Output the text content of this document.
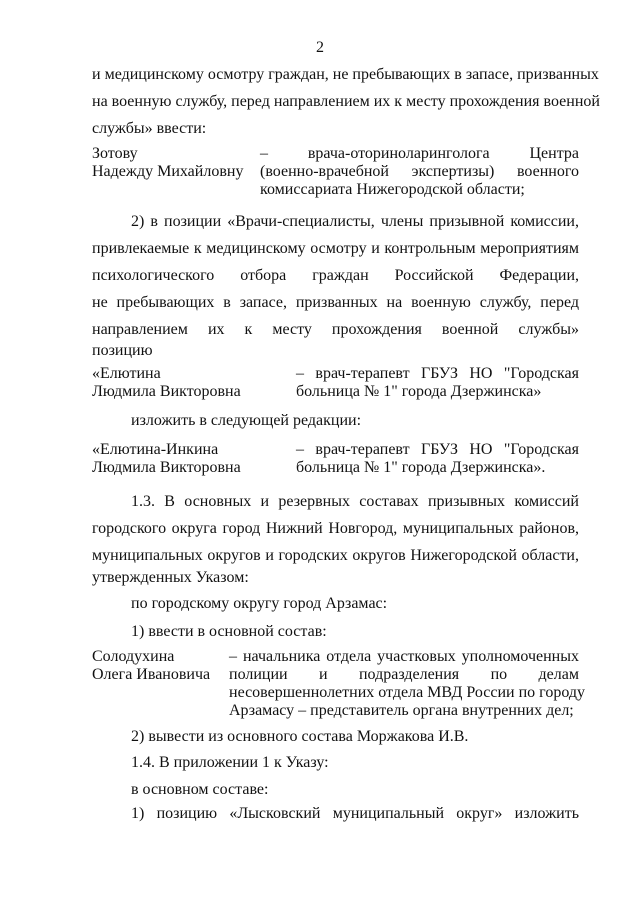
2
и медицинскому осмотру граждан, не пребывающих в запасе, призванных
на военную службу, перед направлением их к месту прохождения военной
службы» ввести:
Зотову
Надежду Михайловну
– врача-оториноларинголога Центра
(военно-врачебной экспертизы) военного
комиссариата Нижегородской области;
2) в позиции «Врачи-специалисты, члены призывной комиссии,
привлекаемые к медицинскому осмотру и контрольным мероприятиям
психологического отбора граждан Российской Федерации,
не пребывающих в запасе, призванных на военную службу, перед
направлением их к месту прохождения военной службы»
позицию
«Елютина
Людмила Викторовна
– врач-терапевт ГБУЗ НО "Городская
больница № 1" города Дзержинска»
изложить в следующей редакции:
«Елютина-Инкина
Людмила Викторовна
– врач-терапевт ГБУЗ НО "Городская
больница № 1" города Дзержинска».
1.3. В основных и резервных составах призывных комиссий
городского округа город Нижний Новгород, муниципальных районов,
муниципальных округов и городских округов Нижегородской области,
утвержденных Указом:
по городскому округу город Арзамас:
1) ввести в основной состав:
Солодухина
Олега Ивановича
– начальника отдела участковых уполномоченных
полиции и подразделения по делам
несовершеннолетних отдела МВД России по городу
Арзамасу – представитель органа внутренних дел;
2) вывести из основного состава Моржакова И.В.
1.4. В приложении 1 к Указу:
в основном составе:
1) позицию «Лысковский муниципальный округ» изложить
